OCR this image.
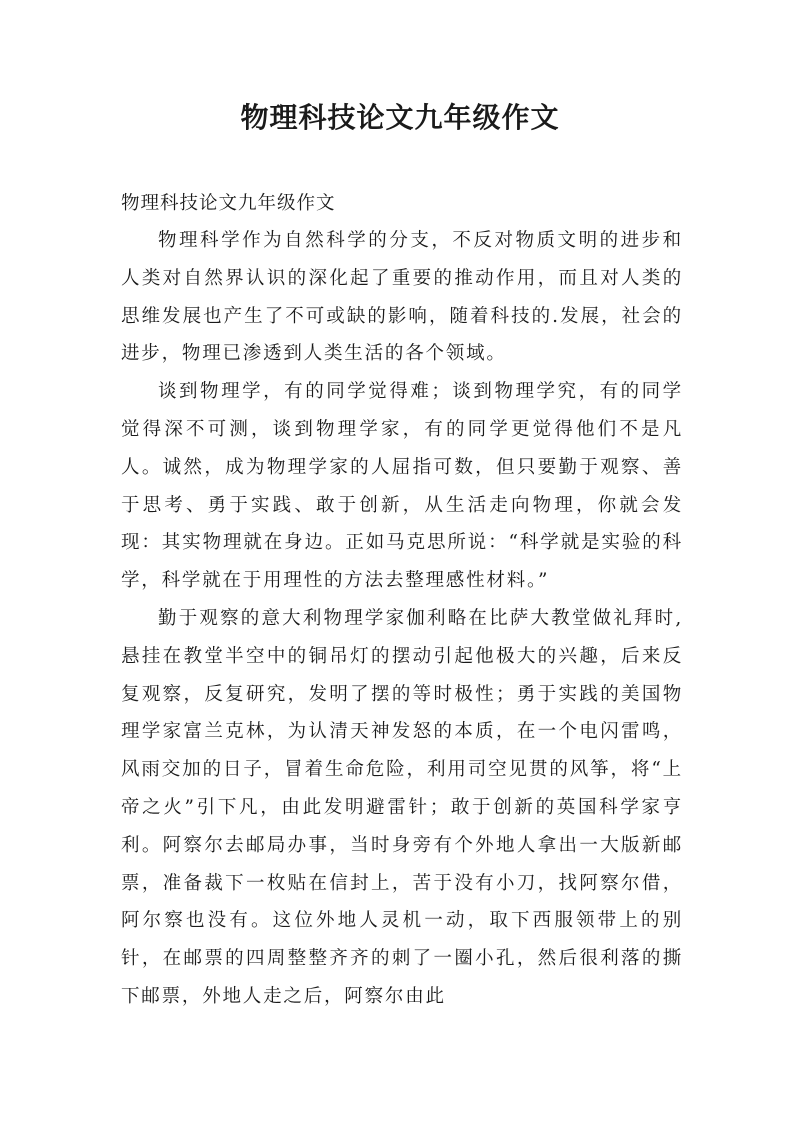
物理科技论文九年级作文

物理科技论文九年级作文

物理科学作为自然科学的分支，不反对物质文明的进步和人类对自然界认识的深化起了重要的推动作用，而且对人类的思维发展也产生了不可或缺的影响，随着科技的.发展，社会的进步，物理已渗透到人类生活的各个领域。

谈到物理学，有的同学觉得难；谈到物理学究，有的同学觉得深不可测，谈到物理学家，有的同学更觉得他们不是凡人。诚然，成为物理学家的人屈指可数，但只要勤于观察、善于思考、勇于实践、敢于创新，从生活走向物理，你就会发现：其实物理就在身边。正如马克思所说：“科学就是实验的科学，科学就在于用理性的方法去整理感性材料。”

勤于观察的意大利物理学家伽利略在比萨大教堂做礼拜时,悬挂在教堂半空中的铜吊灯的摆动引起他极大的兴趣，后来反复观察，反复研究，发明了摆的等时极性；勇于实践的美国物理学家富兰克林，为认清天神发怒的本质，在一个电闪雷鸣，风雨交加的日子，冒着生命危险，利用司空见贯的风筝，将“上帝之火”引下凡，由此发明避雷针；敢于创新的英国科学家亨利。阿察尔去邮局办事，当时身旁有个外地人拿出一大版新邮票，准备裁下一枚贴在信封上，苦于没有小刀，找阿察尔借，阿尔察也没有。这位外地人灵机一动，取下西服领带上的别针，在邮票的四周整整齐齐的刺了一圈小孔，然后很利落的撕下邮票，外地人走之后，阿察尔由此
